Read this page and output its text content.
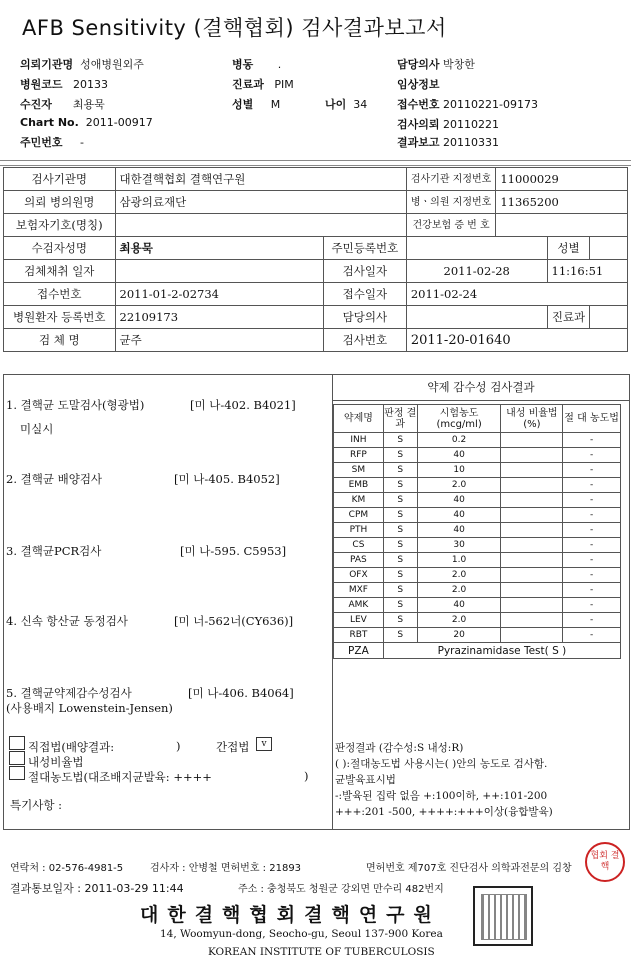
AFB Sensitivity (결핵협회) 검사결과보고서
의뢰기관명 성애병원외주
병원코드 20133
수진자 최용묵
Chart No. 2011-00917
주민번호 -
병동 .
진료과 PIM
성별 M	나이 34
담당의사 박창한
임상정보
접수번호 20110221-09173
검사의뢰 20110221
결과보고 20110331
검사기관명	대한결핵협회 결핵연구원		검사기관 지정번호	11000029		
의뢰 병의원명	삼광의료재단		병ㆍ의원 지정번호	11365200		
보험자기호(명칭)			건강보험 증 번 호			
수검자성명	최용묵	주민등록번호			성별	
검체채취 일자		검사일자	2011-02-28		11:16:51	
접수번호	2011-01-2-02734	접수일자	2011-02-24			
병원환자 등록번호	22109173	담당의사			진료과	
검 체 명	균주	검사번호	2011-20-01640			
1. 결핵균 도말검사(형광법)	[미 나-402. B4021]
미실시
2. 결핵균 배양검사	[미 나-405. B4052]
3. 결핵균PCR검사	[미 나-595. C5953]
4. 신속 항산균 동정검사	[미 너-562너(CY636)]
5. 결핵균약제감수성검사	[미 나-406. B4064]
(사용배지 Lowenstein-Jensen)
직접법(배양결과:	)	간접법	v
내성비율법
절대농도법(대조배지균발육: ++++	)
특기사항 :
약제 감수성 검사결과
약제명	판정 결과	시험농도 (mcg/ml)	내성 비율법(%)	절 대 농도법
INH	S	0.2		-
RFP	S	40		-
SM	S	10		-
EMB	S	2.0		-
KM	S	40		-
CPM	S	40		-
PTH	S	40		-
CS	S	30		-
PAS	S	1.0		-
OFX	S	2.0		-
MXF	S	2.0		-
AMK	S	40		-
LEV	S	2.0		-
RBT	S	20		-
PZA	Pyrazinamidase Test( S )			
판정결과 (감수성:S 내성:R)
( ):절대농도법 사용시는( )안의 농도로 검사함.
균발육표시법
-:발육된 집락 없음 +:100이하, ++:101-200
+++:201 -500, ++++:+++이상(융합발육)
연락처 : 02-576-4981-5	검사자 : 안병철 면허번호 : 21893	면허번호 제707호 진단검사 의학과전문의 김창
결과통보일자 : 2011-03-29 11:44	주소 : 충청북도 청원군 강외면 만수리 482번지
협회 결핵
대한결핵협회결핵연구원
14, Woomyun-dong, Seocho-gu, Seoul 137-900 Korea
KOREAN INSTITUTE OF TUBERCULOSIS
